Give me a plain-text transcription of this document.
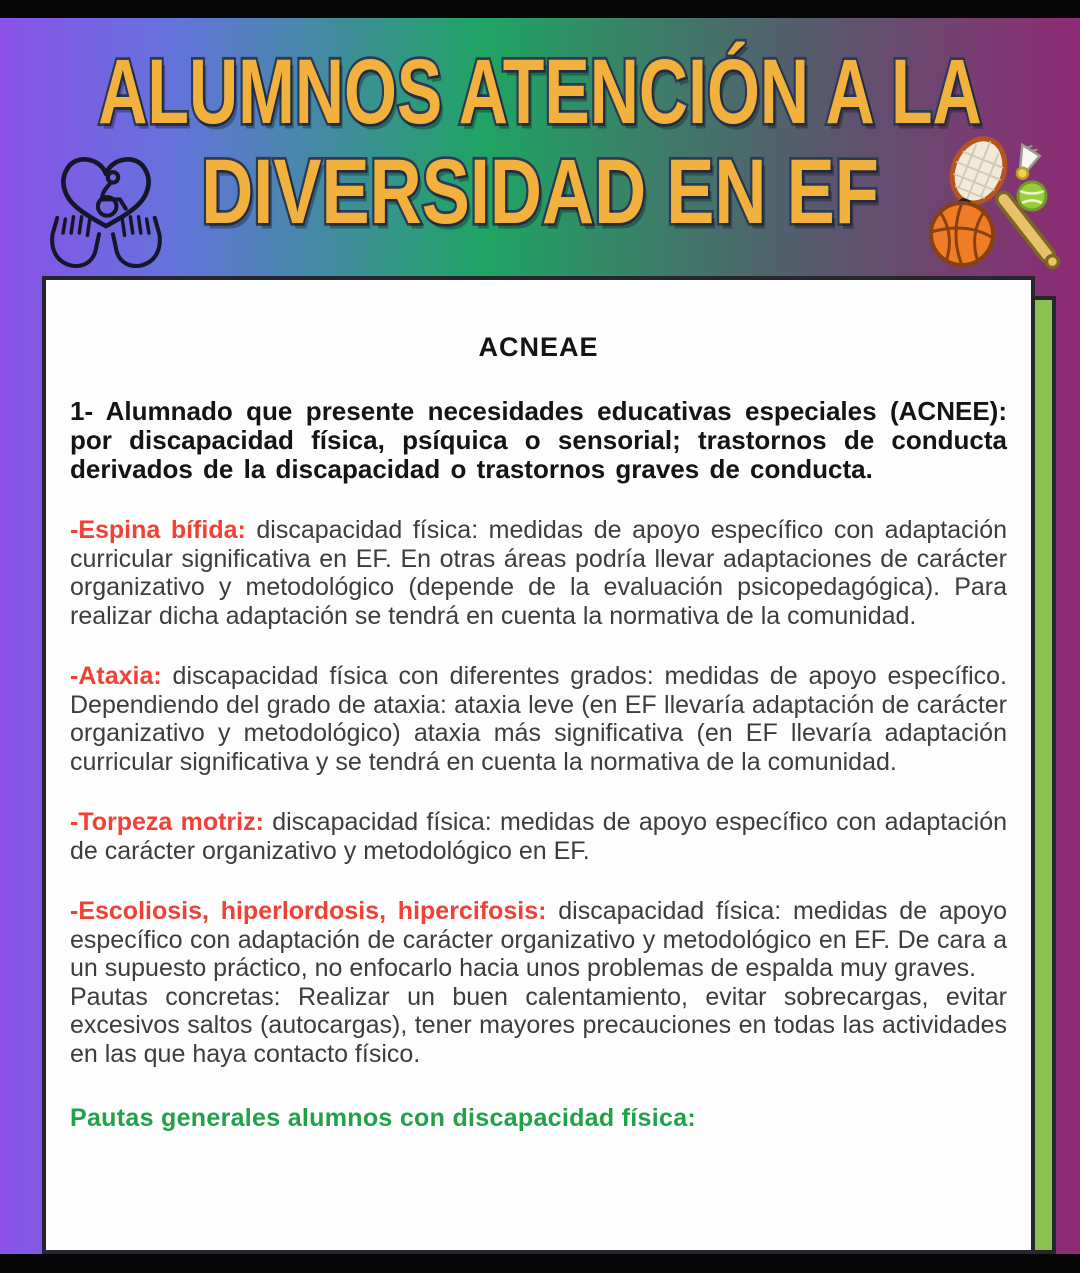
ALUMNOS ATENCIÓN A LA
DIVERSIDAD EN EF
ACNEAE

1- Alumnado que presente necesidades educativas especiales (ACNEE): por discapacidad física, psíquica o sensorial; trastornos de conducta derivados de la discapacidad o trastornos graves de conducta.

-Espina bífida: discapacidad física: medidas de apoyo específico con adaptación curricular significativa en EF. En otras áreas podría llevar adaptaciones de carácter organizativo y metodológico (depende de la evaluación psicopedagógica). Para realizar dicha adaptación se tendrá en cuenta la normativa de la comunidad.

-Ataxia: discapacidad física con diferentes grados: medidas de apoyo específico. Dependiendo del grado de ataxia: ataxia leve (en EF llevaría adaptación de carácter organizativo y metodológico) ataxia más significativa (en EF llevaría adaptación curricular significativa y se tendrá en cuenta la normativa de la comunidad.

-Torpeza motriz: discapacidad física: medidas de apoyo específico con adaptación de carácter organizativo y metodológico en EF.

-Escoliosis, hiperlordosis, hipercifosis: discapacidad física: medidas de apoyo específico con adaptación de carácter organizativo y metodológico en EF. De cara a un supuesto práctico, no enfocarlo hacia unos problemas de espalda muy graves.

Pautas concretas: Realizar un buen calentamiento, evitar sobrecargas, evitar excesivos saltos (autocargas), tener mayores precauciones en todas las actividades en las que haya contacto físico.

Pautas generales alumnos con discapacidad física:
